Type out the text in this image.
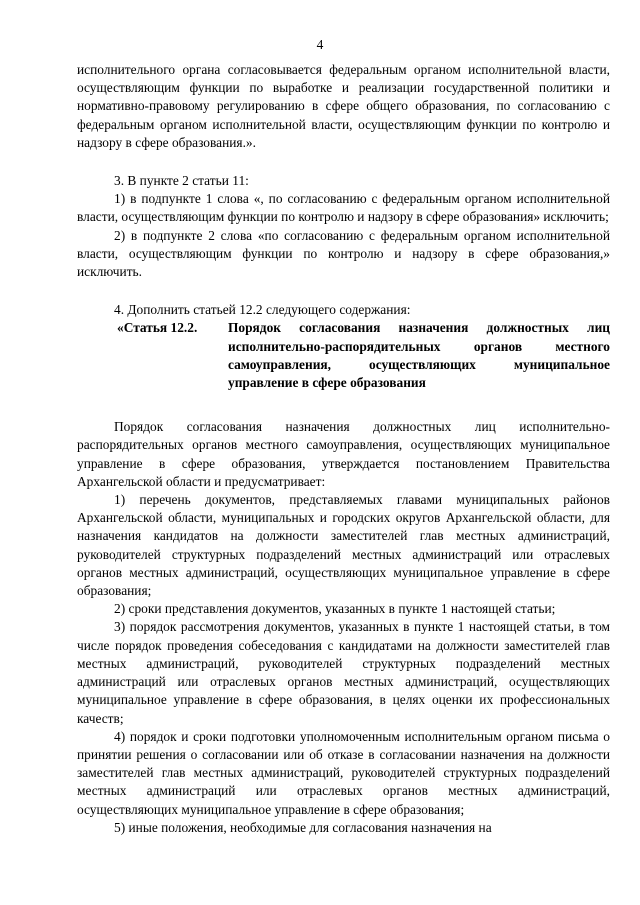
4

исполнительного органа согласовывается федеральным органом исполнительной власти, осуществляющим функции по выработке и реализации государственной политики и нормативно-правовому регулированию в сфере общего образования, по согласованию с федеральным органом исполнительной власти, осуществляющим функции по контролю и надзору в сфере образования.».

3. В пункте 2 статьи 11:

1) в подпункте 1 слова «, по согласованию с федеральным органом исполнительной власти, осуществляющим функции по контролю и надзору в сфере образования» исключить;

2) в подпункте 2 слова «по согласованию с федеральным органом исполнительной власти, осуществляющим функции по контролю и надзору в сфере образования,» исключить.

4. Дополнить статьей 12.2 следующего содержания:

«Статья 12.2.	Порядок согласования назначения должностных лиц исполнительно-распорядительных органов местного самоуправления, осуществляющих муниципальное управление в сфере образования

Порядок согласования назначения должностных лиц исполнительно-распорядительных органов местного самоуправления, осуществляющих муниципальное управление в сфере образования, утверждается постановлением Правительства Архангельской области и предусматривает:

1) перечень документов, представляемых главами муниципальных районов Архангельской области, муниципальных и городских округов Архангельской области, для назначения кандидатов на должности заместителей глав местных администраций, руководителей структурных подразделений местных администраций или отраслевых органов местных администраций, осуществляющих муниципальное управление в сфере образования;

2) сроки представления документов, указанных в пункте 1 настоящей статьи;

3) порядок рассмотрения документов, указанных в пункте 1 настоящей статьи, в том числе порядок проведения собеседования с кандидатами на должности заместителей глав местных администраций, руководителей структурных подразделений местных администраций или отраслевых органов местных администраций, осуществляющих муниципальное управление в сфере образования, в целях оценки их профессиональных качеств;

4) порядок и сроки подготовки уполномоченным исполнительным органом письма о принятии решения о согласовании или об отказе в согласовании назначения на должности заместителей глав местных администраций, руководителей структурных подразделений местных администраций или отраслевых органов местных администраций, осуществляющих муниципальное управление в сфере образования;

5) иные положения, необходимые для согласования назначения на
